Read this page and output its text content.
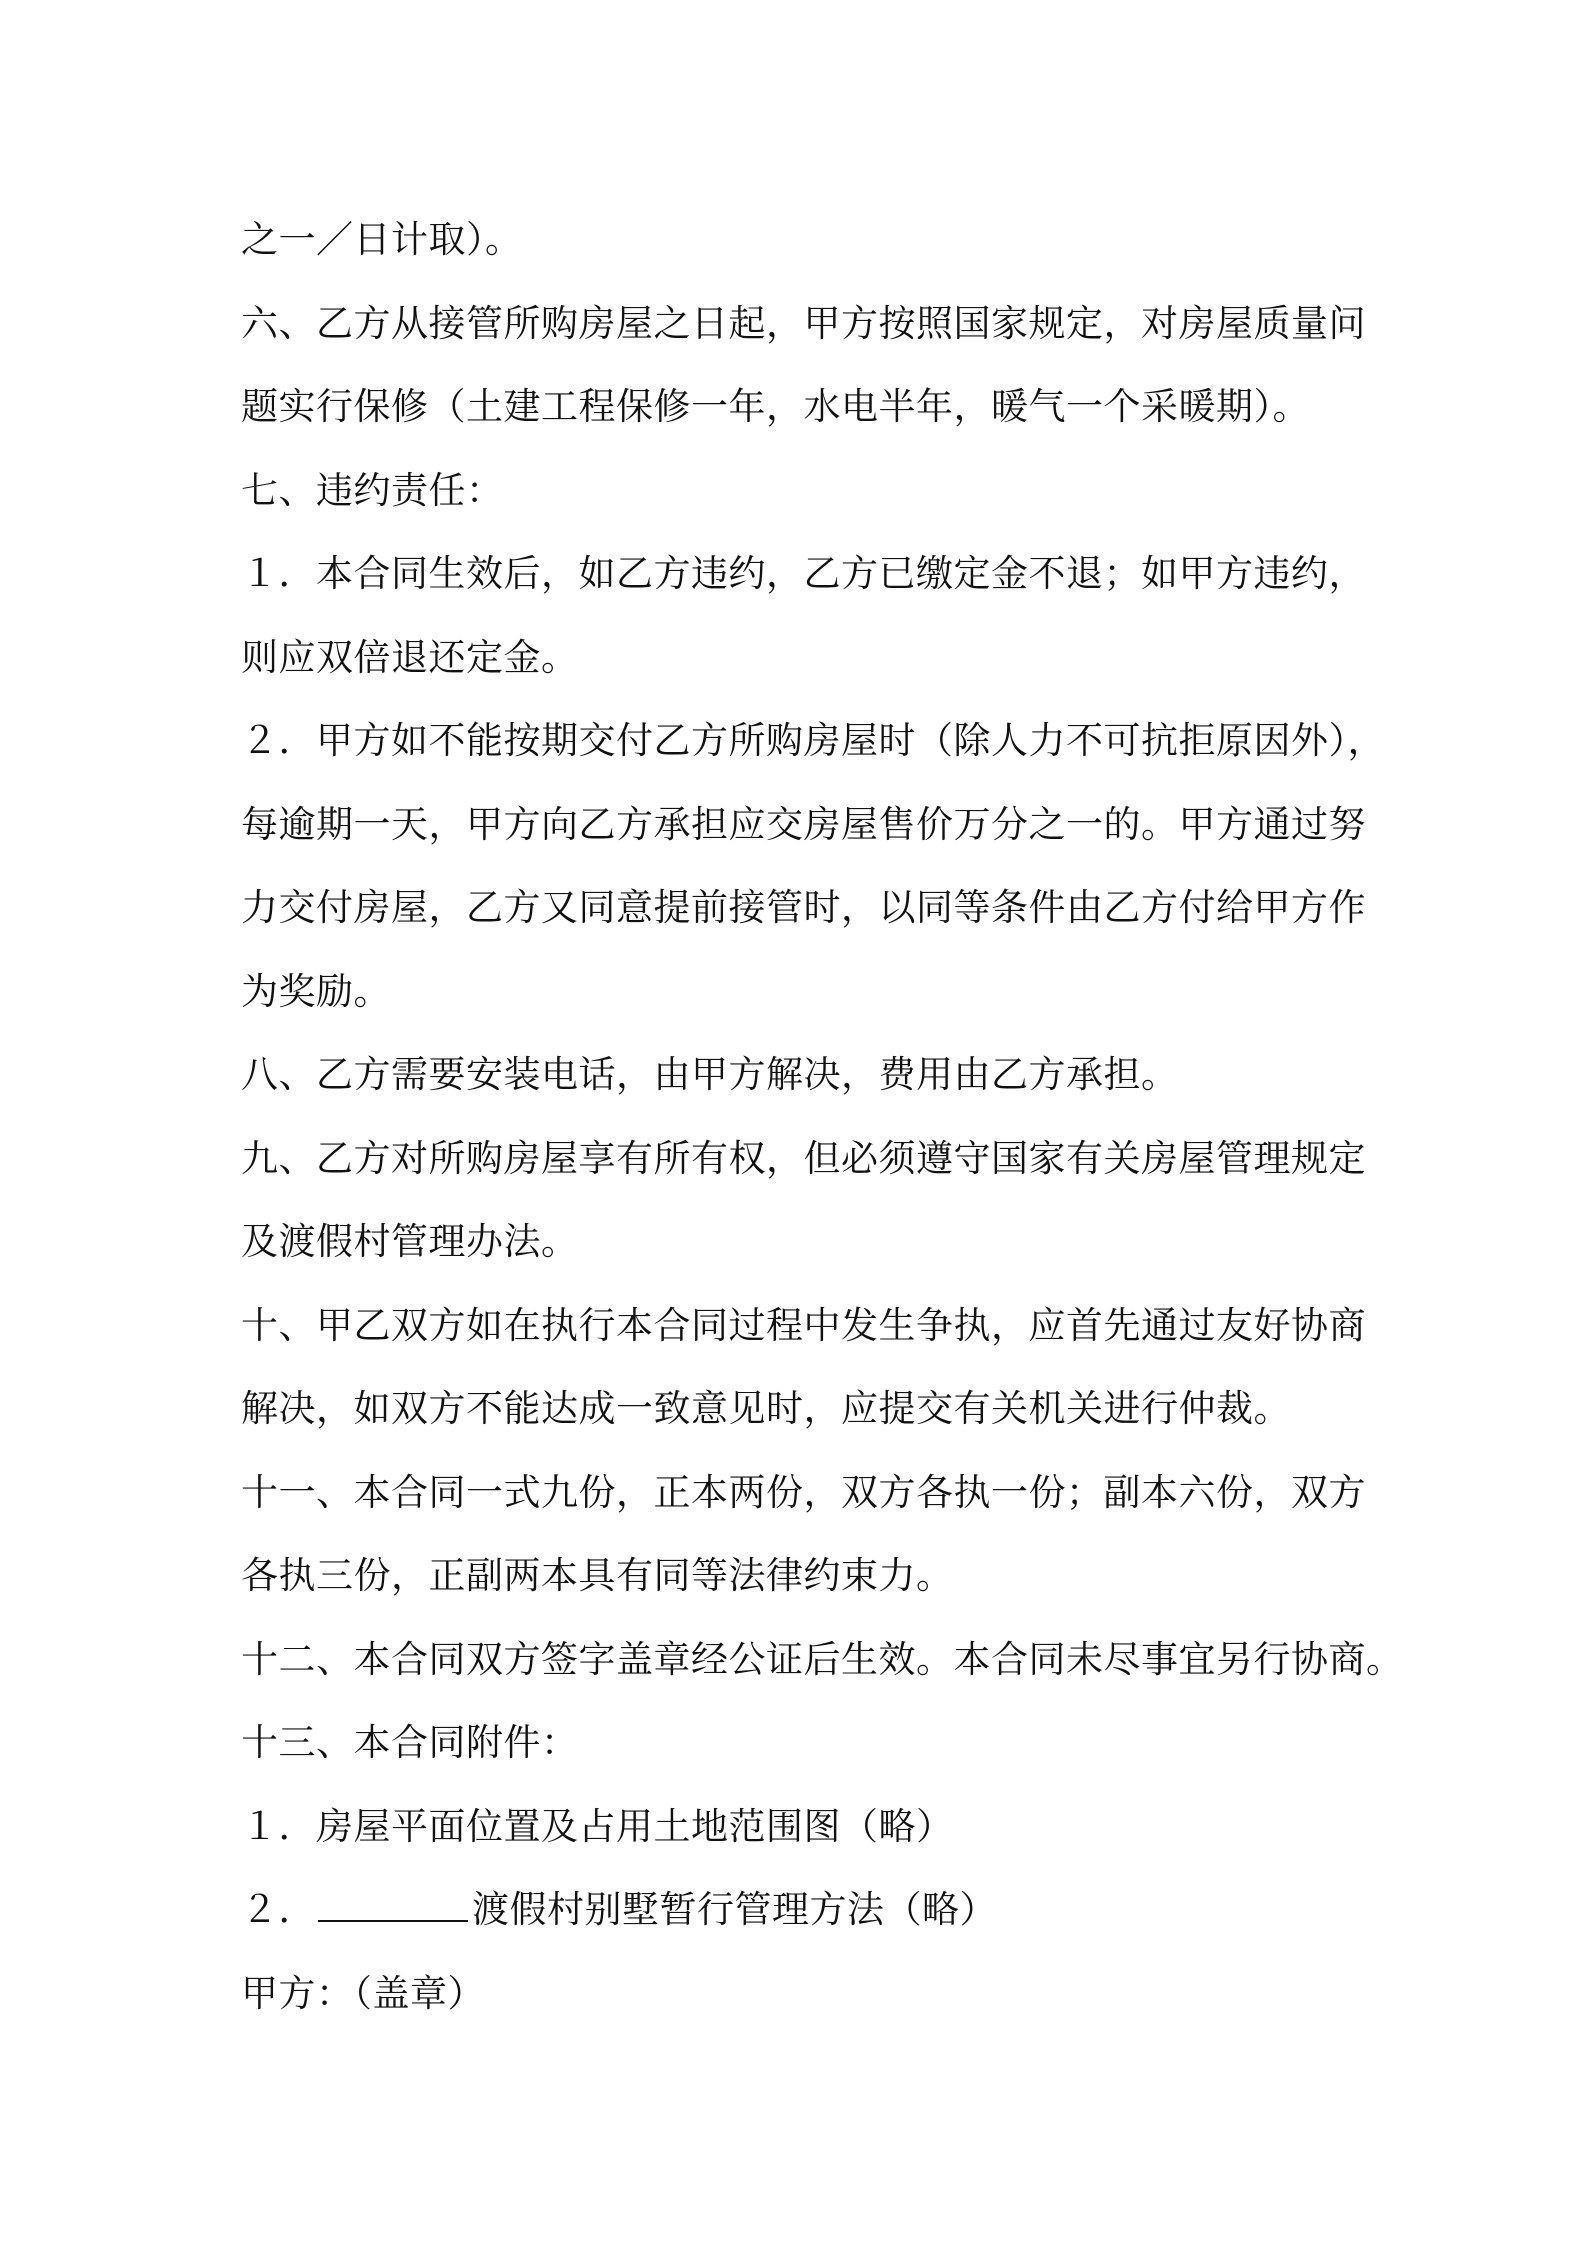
之一／日计取）。
六、乙方从接管所购房屋之日起，甲方按照国家规定，对房屋质量问
题实行保修（土建工程保修一年，水电半年，暖气一个采暖期）。
七、违约责任：
１．本合同生效后，如乙方违约，乙方已缴定金不退；如甲方违约，
则应双倍退还定金。
２．甲方如不能按期交付乙方所购房屋时（除人力不可抗拒原因外），
每逾期一天，甲方向乙方承担应交房屋售价万分之一的。甲方通过努
力交付房屋，乙方又同意提前接管时，以同等条件由乙方付给甲方作
为奖励。
八、乙方需要安装电话，由甲方解决，费用由乙方承担。
九、乙方对所购房屋享有所有权，但必须遵守国家有关房屋管理规定
及渡假村管理办法。
十、甲乙双方如在执行本合同过程中发生争执，应首先通过友好协商
解决，如双方不能达成一致意见时，应提交有关机关进行仲裁。
十一、本合同一式九份，正本两份，双方各执一份；副本六份，双方
各执三份，正副两本具有同等法律约束力。
十二、本合同双方签字盖章经公证后生效。本合同未尽事宜另行协商。
十三、本合同附件：
１．房屋平面位置及占用土地范围图（略）
２．	渡假村别墅暂行管理方法（略）
甲方：（盖章）
